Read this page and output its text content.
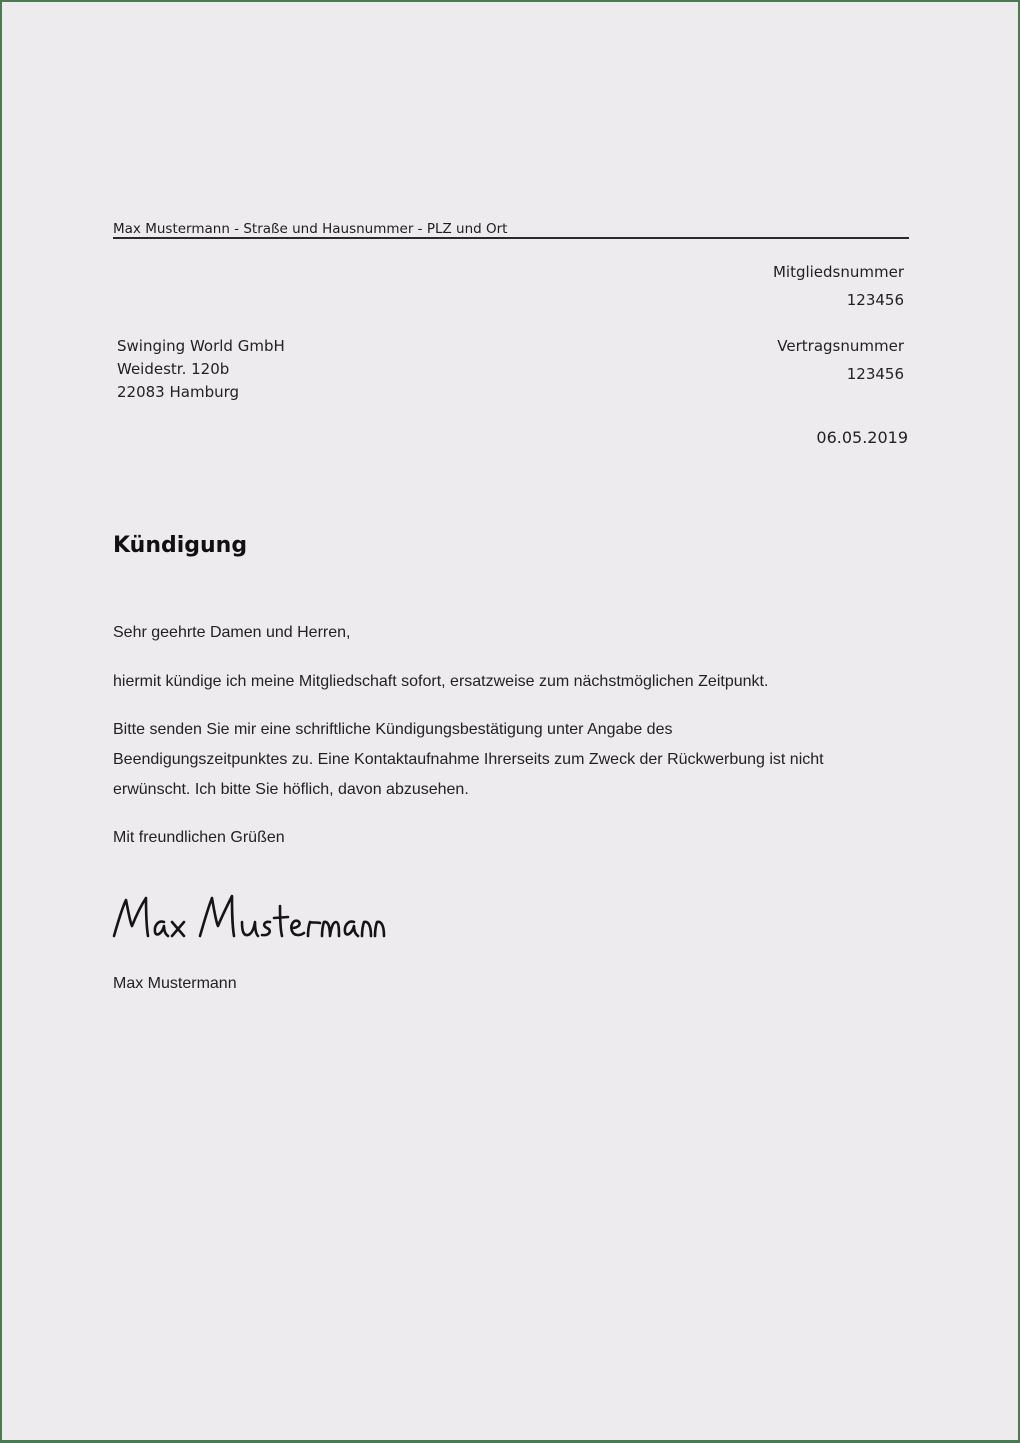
Max Mustermann - Straße und Hausnummer - PLZ und Ort
Mitgliedsnummer
123456
Vertragsnummer
123456
06.05.2019
Swinging World GmbH
Weidestr. 120b
22083 Hamburg
Kündigung
Sehr geehrte Damen und Herren,
hiermit kündige ich meine Mitgliedschaft sofort, ersatzweise zum nächstmöglichen Zeitpunkt.
Bitte senden Sie mir eine schriftliche Kündigungsbestätigung unter Angabe des
Beendigungszeitpunktes zu. Eine Kontaktaufnahme Ihrerseits zum Zweck der Rückwerbung ist nicht
erwünscht. Ich bitte Sie höflich, davon abzusehen.
Mit freundlichen Grüßen
Max Mustermann
